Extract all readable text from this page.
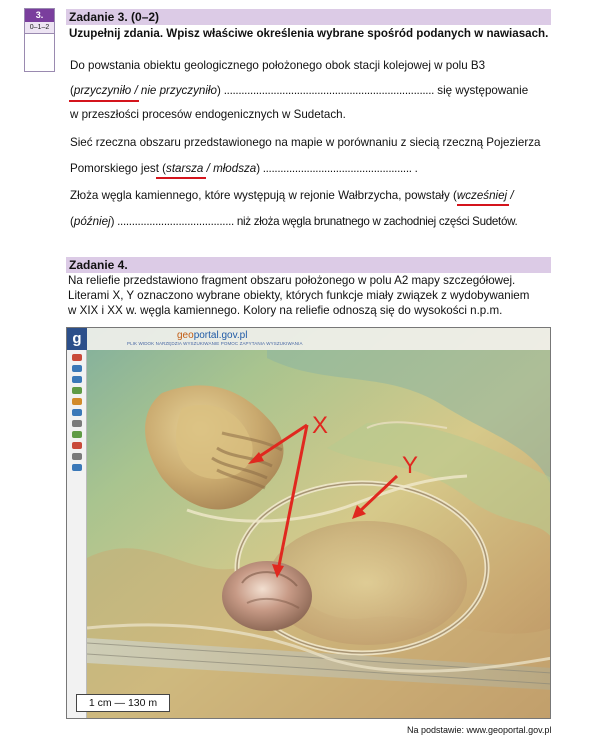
3.
0–1–2
Zadanie 3. (0–2)
Uzupełnij zdania. Wpisz właściwe określenia wybrane spośród podanych w nawiasach.
Do powstania obiektu geologicznego położonego obok stacji kolejowej w polu B3
(przyczyniło
/ nie przyczyniło) ........................................................................ się występowanie
w przeszłości procesów endogenicznych w Sudetach.
Sieć rzeczna obszaru przedstawionego na mapie w porównaniu z siecią rzeczną Pojezierza
Pomorskiego jest (starsza
/ młodsza) ................................................... .
Złoża węgla kamiennego, które występują w rejonie Wałbrzycha, powstały (wcześniej
/
(później) ........................................ niż złoża węgla brunatnego w zachodniej części Sudetów.
Zadanie 4.
Na reliefie przedstawiono fragment obszaru położonego w polu A2 mapy szczegółowej.
Literami X, Y oznaczono wybrane obiekty, których funkcje miały związek z wydobywaniem
w XIX i XX w. węgla kamiennego. Kolory na reliefie odnoszą się do wysokości n.p.m.
g	geoportal.gov.pl
PLIK WIDOK NARZĘDZIA WYSZUKIWANIE POMOC ZAPYTANIA WYSZUKIWANIA
X
Y
1 cm — 130 m
Na podstawie: www.geoportal.gov.pl
